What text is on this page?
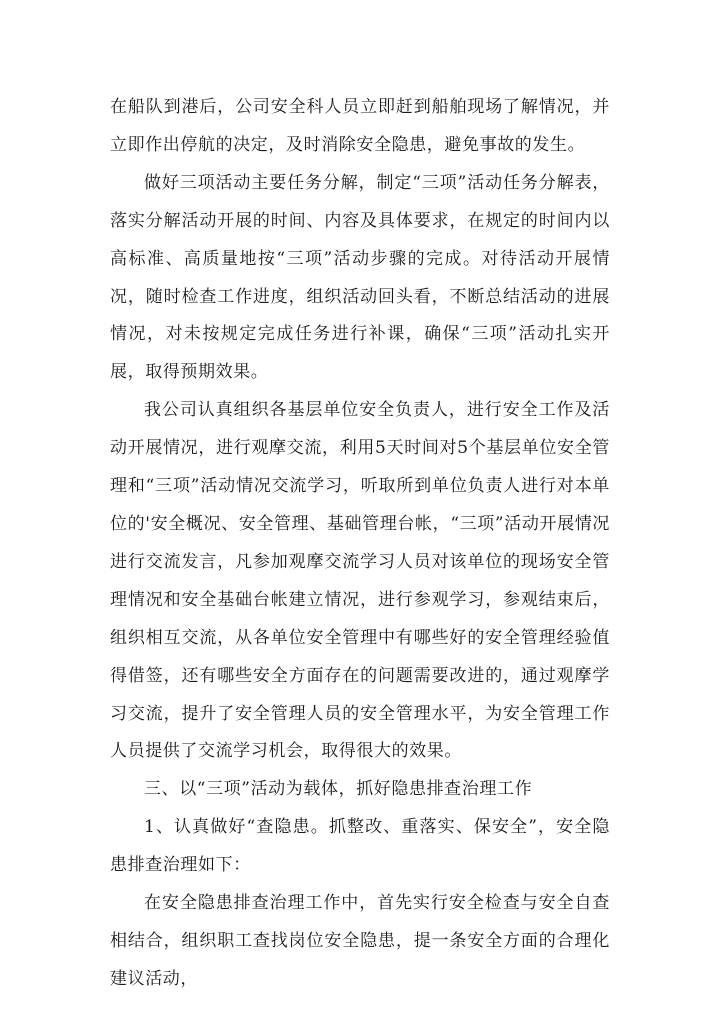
在船队到港后，公司安全科人员立即赶到船舶现场了解情况，并立即作出停航的决定，及时消除安全隐患，避免事故的发生。

做好三项活动主要任务分解，制定“三项”活动任务分解表，落实分解活动开展的时间、内容及具体要求，在规定的时间内以高标准、高质量地按“三项”活动步骤的完成。对待活动开展情况，随时检查工作进度，组织活动回头看，不断总结活动的进展情况，对未按规定完成任务进行补课，确保“三项”活动扎实开展，取得预期效果。

我公司认真组织各基层单位安全负责人，进行安全工作及活动开展情况，进行观摩交流，利用5天时间对5个基层单位安全管理和“三项”活动情况交流学习，听取所到单位负责人进行对本单位的'安全概况、安全管理、基础管理台帐，“三项”活动开展情况进行交流发言，凡参加观摩交流学习人员对该单位的现场安全管理情况和安全基础台帐建立情况，进行参观学习，参观结束后，组织相互交流，从各单位安全管理中有哪些好的安全管理经验值得借签，还有哪些安全方面存在的问题需要改进的，通过观摩学习交流，提升了安全管理人员的安全管理水平，为安全管理工作人员提供了交流学习机会，取得很大的效果。

三、以“三项”活动为载体，抓好隐患排查治理工作

1、认真做好“查隐患。抓整改、重落实、保安全”，安全隐患排查治理如下：

在安全隐患排查治理工作中，首先实行安全检查与安全自查相结合，组织职工查找岗位安全隐患，提一条安全方面的合理化建议活动，
